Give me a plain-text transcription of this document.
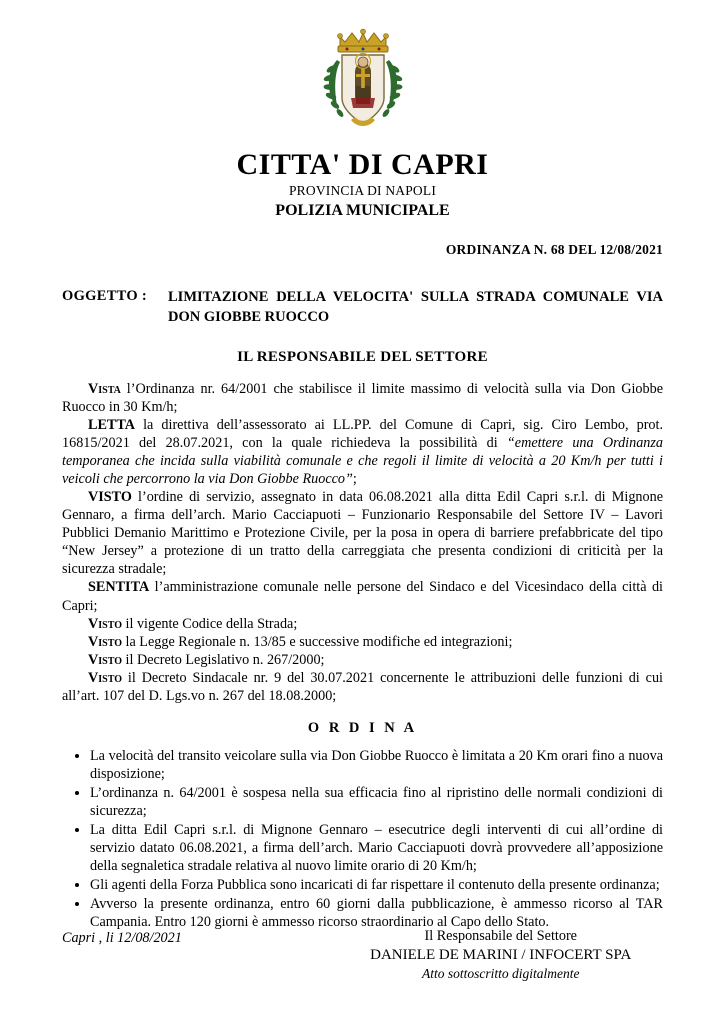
CITTA' DI CAPRI
PROVINCIA DI NAPOLI
POLIZIA MUNICIPALE
ORDINANZA N. 68 DEL 12/08/2021
OGGETTO :	LIMITAZIONE DELLA VELOCITA' SULLA STRADA COMUNALE VIA DON GIOBBE RUOCCO
IL RESPONSABILE DEL SETTORE

Vista l’Ordinanza nr. 64/2001 che stabilisce il limite massimo di velocità sulla via Don Giobbe Ruocco in 30 Km/h;

LETTA la direttiva dell’assessorato ai LL.PP. del Comune di Capri, sig. Ciro Lembo, prot. 16815/2021 del 28.07.2021, con la quale richiedeva la possibilità di “emettere una Ordinanza temporanea che incida sulla viabilità comunale e che regoli il limite di velocità a 20 Km/h per tutti i veicoli che percorrono la via Don Giobbe Ruocco”;

VISTO l’ordine di servizio, assegnato in data 06.08.2021 alla ditta Edil Capri s.r.l. di Mignone Gennaro, a firma dell’arch. Mario Cacciapuoti – Funzionario Responsabile del Settore IV – Lavori Pubblici Demanio Marittimo e Protezione Civile, per la posa in opera di barriere prefabbricate del tipo “New Jersey” a protezione di un tratto della carreggiata che presenta condizioni di criticità per la sicurezza stradale;

SENTITA l’amministrazione comunale nelle persone del Sindaco e del Vicesindaco della città di Capri;

Visto il vigente Codice della Strada;

Visto la Legge Regionale n. 13/85 e successive modifiche ed integrazioni;

Visto il Decreto Legislativo n. 267/2000;

Visto il Decreto Sindacale nr. 9 del 30.07.2021 concernente le attribuzioni delle funzioni di cui all’art. 107 del D. Lgs.vo n. 267 del 18.08.2000;

O R D I N A
• La velocità del transito veicolare sulla via Don Giobbe Ruocco è limitata a 20 Km orari fino a nuova disposizione;
• L’ordinanza n. 64/2001 è sospesa nella sua efficacia fino al ripristino delle normali condizioni di sicurezza;
• La ditta Edil Capri s.r.l. di Mignone Gennaro – esecutrice degli interventi di cui all’ordine di servizio datato 06.08.2021, a firma dell’arch. Mario Cacciapuoti dovrà provvedere all’apposizione della segnaletica stradale relativa al nuovo limite orario di 20 Km/h;
• Gli agenti della Forza Pubblica sono incaricati di far rispettare il contenuto della presente ordinanza;
• Avverso la presente ordinanza, entro 60 giorni dalla pubblicazione, è ammesso ricorso al TAR Campania. Entro 120 giorni è ammesso ricorso straordinario al Capo dello Stato.
Capri , li 12/08/2021	Il Responsabile del Settore
DANIELE DE MARINI / INFOCERT SPA
Atto sottoscritto digitalmente
